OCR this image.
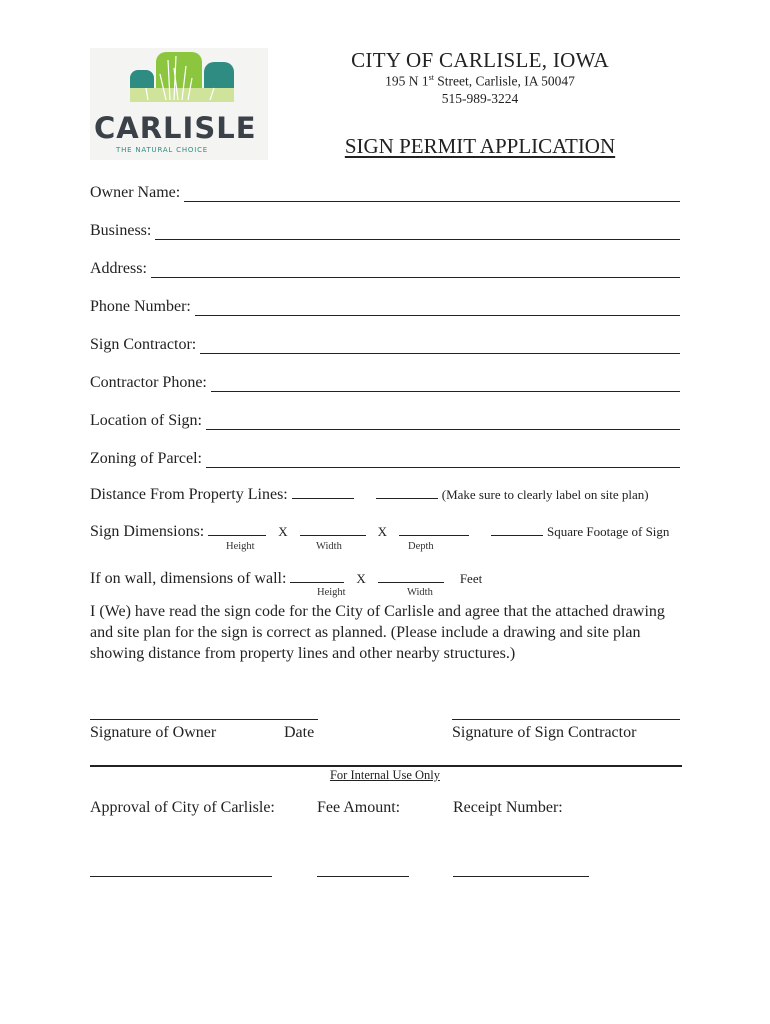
CARLISLE
THE NATURAL CHOICE
CITY OF CARLISLE, IOWA
195 N 1st Street, Carlisle, IA 50047
515-989-3224
SIGN PERMIT APPLICATION
Owner Name:
Business:
Address:
Phone Number:
Sign Contractor:
Contractor Phone:
Location of Sign:
Zoning of Parcel:
Distance From Property Lines:	(Make sure to clearly label on site plan)
Sign Dimensions:	X	X	Square Footage of Sign
Height	Width	Depth
If on wall, dimensions of wall:	X	Feet
Height	Width
I (We) have read the sign code for the City of Carlisle and agree that the attached drawing and site plan for the sign is correct as planned. (Please include a drawing and site plan showing distance from property lines and other nearby structures.)
Signature of Owner	Date	Signature of Sign Contractor
For Internal Use Only
Approval of City of Carlisle:	Fee Amount:	Receipt Number:
